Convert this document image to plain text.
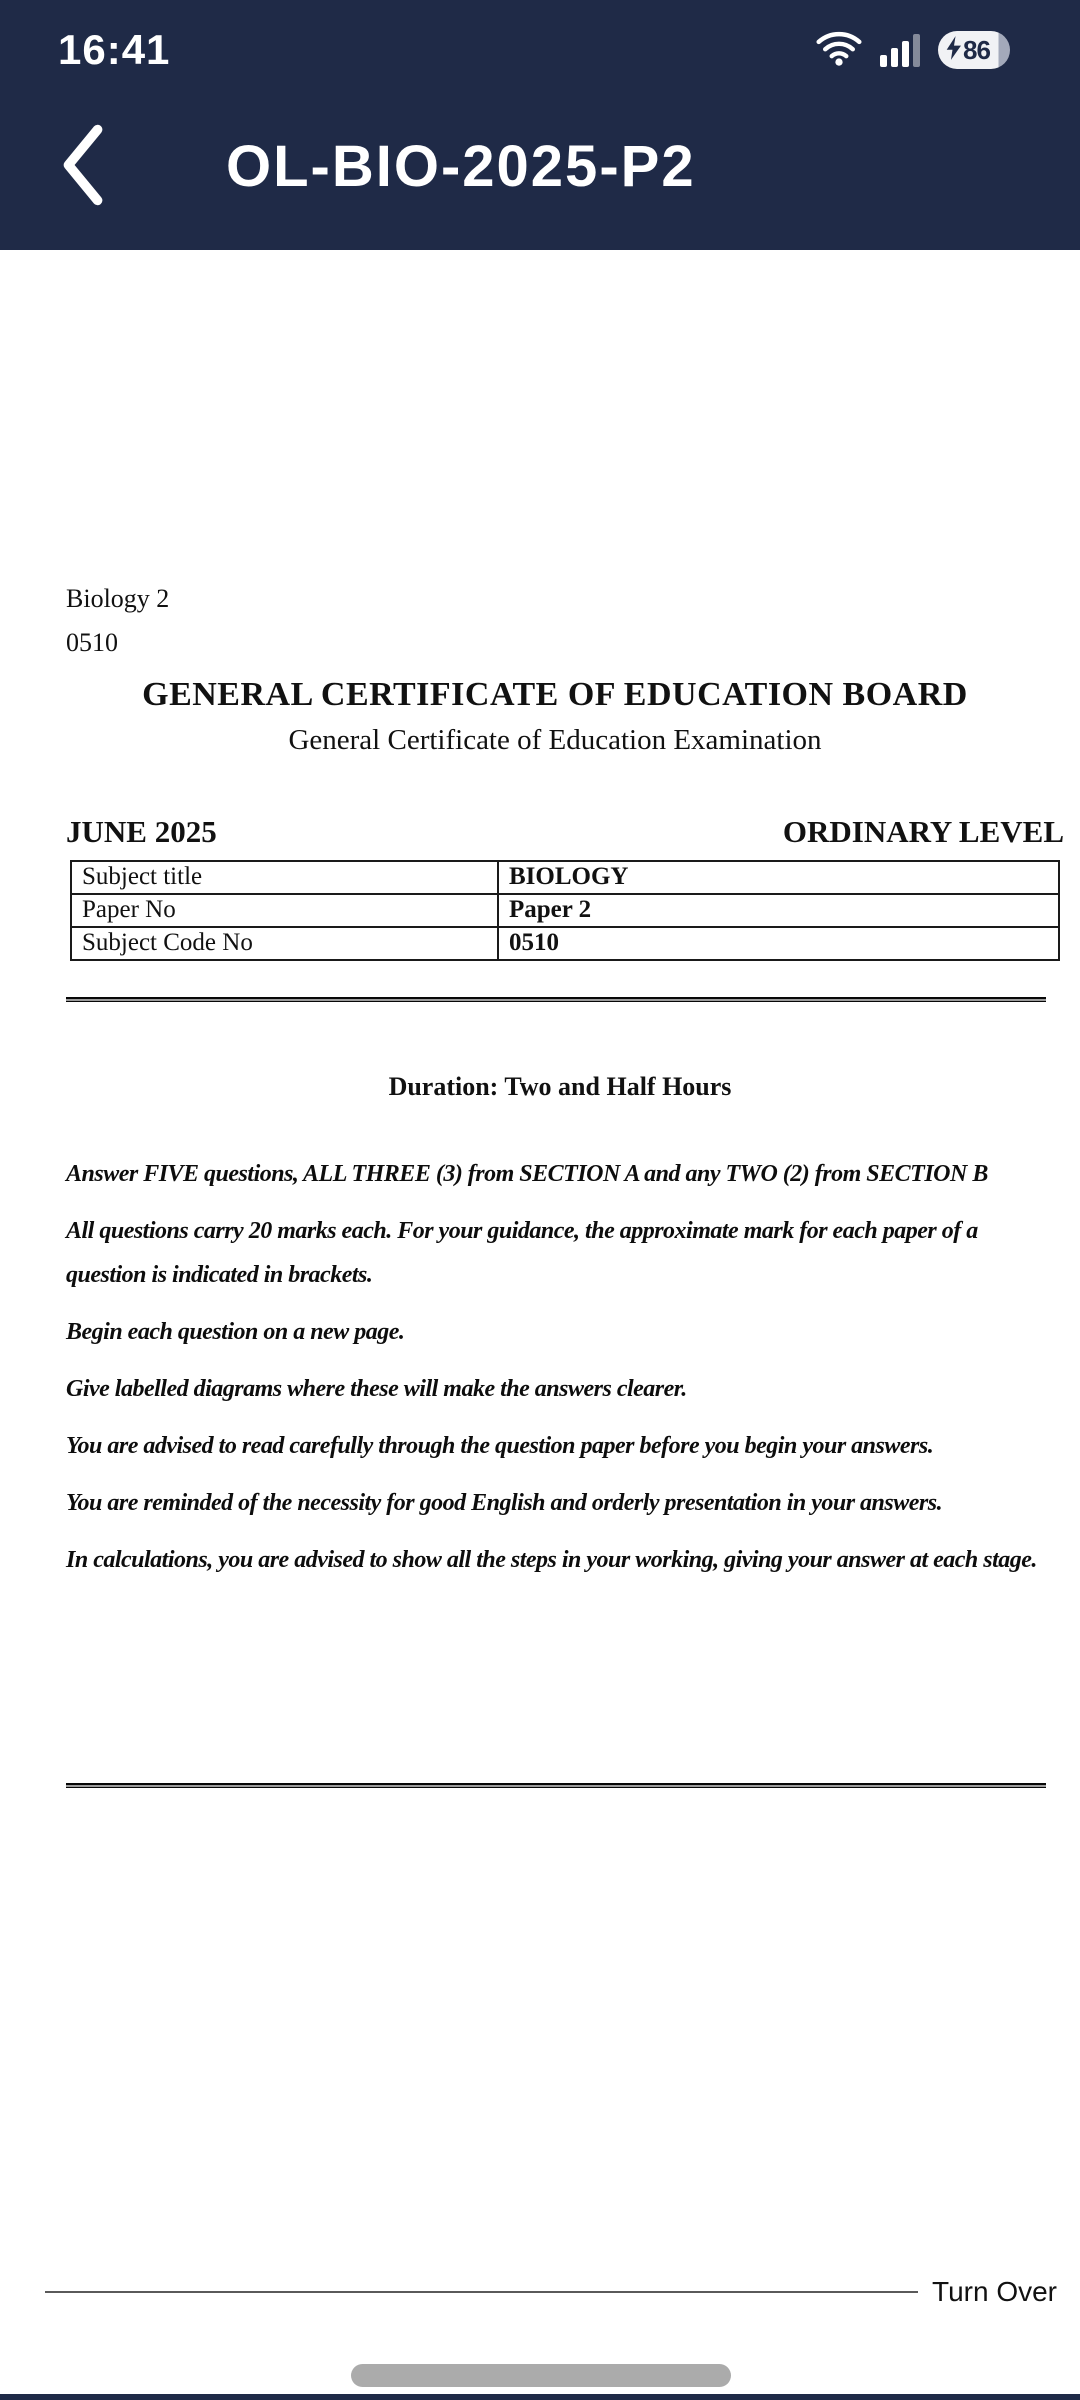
16:41	86
OL-BIO-2025-P2
Biology 2
0510
GENERAL CERTIFICATE OF EDUCATION BOARD
General Certificate of Education Examination
JUNE 2025	ORDINARY LEVEL
Subject title	BIOLOGY
Paper No	Paper 2
Subject Code No	0510
Duration: Two and Half Hours

Answer FIVE questions, ALL THREE (3) from SECTION A and any TWO (2) from SECTION B

All questions carry 20 marks each. For your guidance, the approximate mark for each paper of a question is indicated in brackets.

Begin each question on a new page.

Give labelled diagrams where these will make the answers clearer.

You are advised to read carefully through the question paper before you begin your answers.

You are reminded of the necessity for good English and orderly presentation in your answers.

In calculations, you are advised to show all the steps in your working, giving your answer at each stage.

Turn Over
